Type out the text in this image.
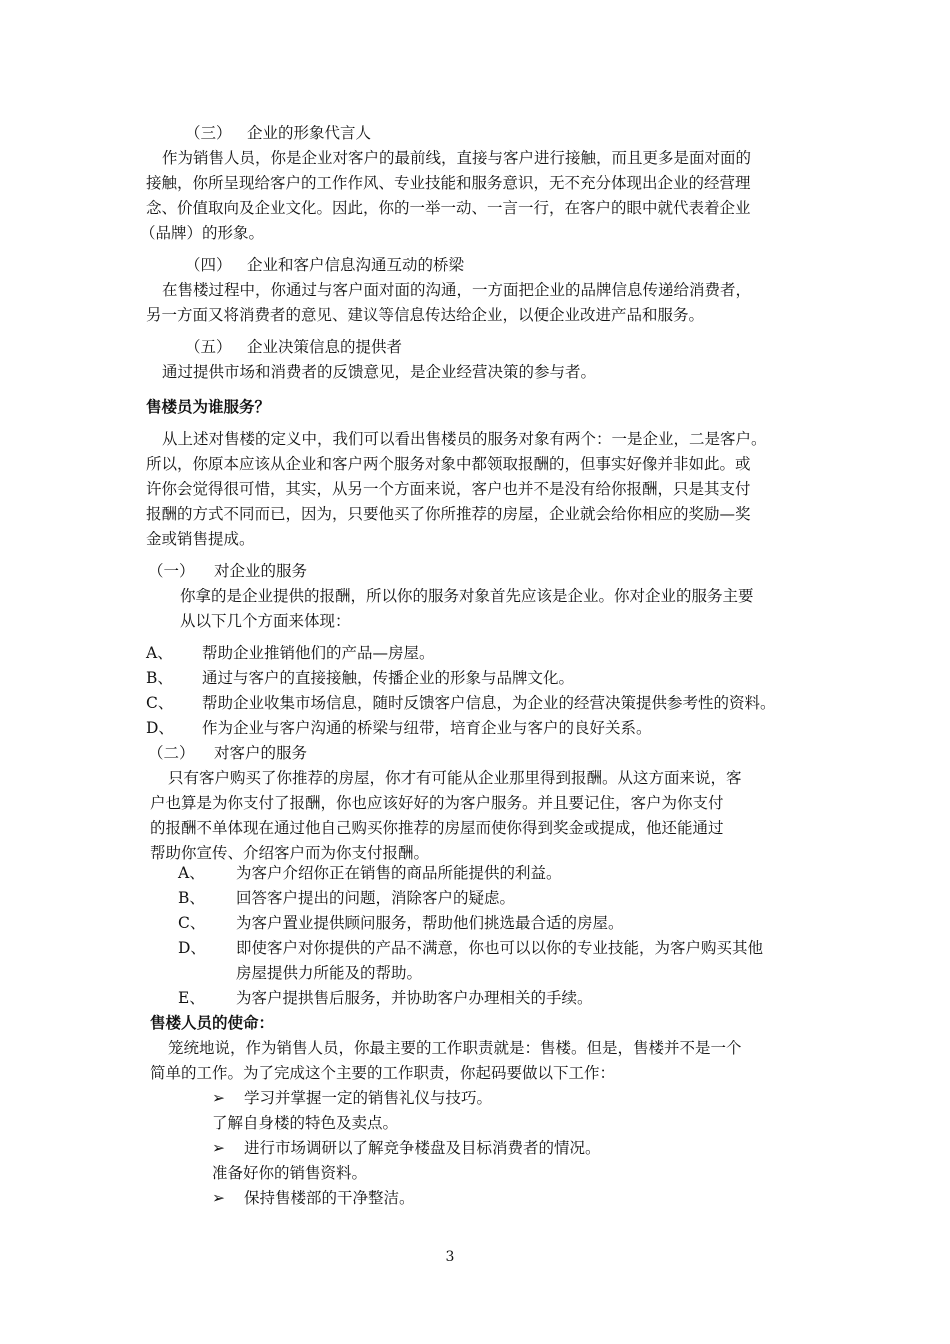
（三） 企业的形象代言人
作为销售人员，你是企业对客户的最前线，直接与客户进行接触，而且更多是面对面的
接触，你所呈现给客户的工作作风、专业技能和服务意识，无不充分体现出企业的经营理
念、价值取向及企业文化。因此，你的一举一动、一言一行，在客户的眼中就代表着企业
（品牌）的形象。
（四） 企业和客户信息沟通互动的桥梁
在售楼过程中，你通过与客户面对面的沟通，一方面把企业的品牌信息传递给消费者，
另一方面又将消费者的意见、建议等信息传达给企业，以便企业改进产品和服务。
（五） 企业决策信息的提供者
通过提供市场和消费者的反馈意见，是企业经营决策的参与者。
售楼员为谁服务？
从上述对售楼的定义中，我们可以看出售楼员的服务对象有两个：一是企业，二是客户。
所以，你原本应该从企业和客户两个服务对象中都领取报酬的，但事实好像并非如此。或
许你会觉得很可惜，其实，从另一个方面来说，客户也并不是没有给你报酬，只是其支付
报酬的方式不同而已，因为，只要他买了你所推荐的房屋，企业就会给你相应的奖励—奖
金或销售提成。
（一） 对企业的服务
你拿的是企业提供的报酬，所以你的服务对象首先应该是企业。你对企业的服务主要
从以下几个方面来体现：
A、 帮助企业推销他们的产品—房屋。
B、 通过与客户的直接接触，传播企业的形象与品牌文化。
C、 帮助企业收集市场信息，随时反馈客户信息，为企业的经营决策提供参考性的资料。
D、 作为企业与客户沟通的桥梁与纽带，培育企业与客户的良好关系。
（二） 对客户的服务
只有客户购买了你推荐的房屋，你才有可能从企业那里得到报酬。从这方面来说，客
户也算是为你支付了报酬，你也应该好好的为客户服务。并且要记住，客户为你支付
的报酬不单体现在通过他自己购买你推荐的房屋而使你得到奖金或提成，他还能通过
帮助你宣传、介绍客户而为你支付报酬。
A、 为客户介绍你正在销售的商品所能提供的利益。
B、 回答客户提出的问题，消除客户的疑虑。
C、 为客户置业提供顾问服务，帮助他们挑选最合适的房屋。
D、 即使客户对你提供的产品不满意，你也可以以你的专业技能，为客户购买其他
房屋提供力所能及的帮助。
E、 为客户提拱售后服务，并协助客户办理相关的手续。
售楼人员的使命：
笼统地说，作为销售人员，你最主要的工作职责就是：售楼。但是，售楼并不是一个
简单的工作。为了完成这个主要的工作职责，你起码要做以下工作：
➢ 学习并掌握一定的销售礼仪与技巧。
了解自身楼的特色及卖点。
➢ 进行市场调研以了解竞争楼盘及目标消费者的情况。
准备好你的销售资料。
➢ 保持售楼部的干净整洁。
3
